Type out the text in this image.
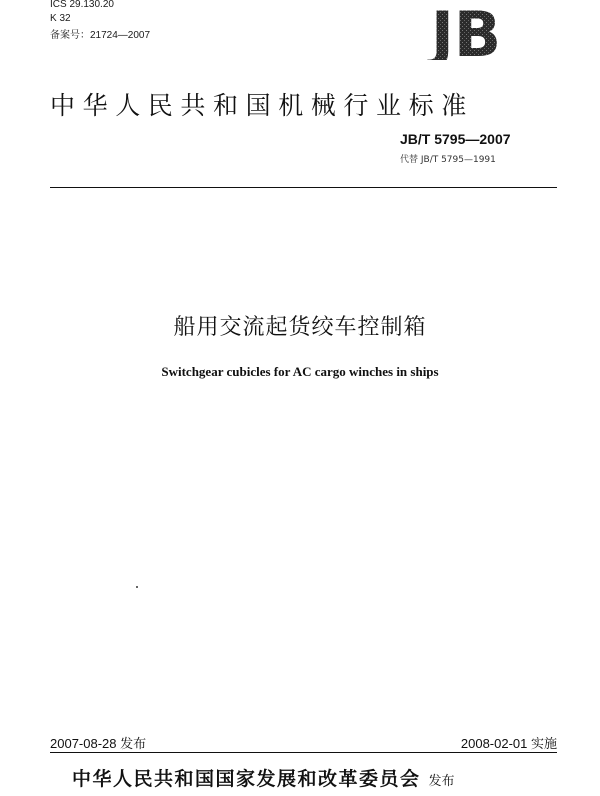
ICS 29.130.20
K 32
备案号：21724—2007	JB
中华人民共和国机械行业标准
JB/T 5795—2007
代替 JB/T 5795—1991
船用交流起货绞车控制箱
Switchgear cubicles for AC cargo winches in ships
2007-08-28 发布	2008-02-01 实施
中华人民共和国国家发展和改革委员会 发布
